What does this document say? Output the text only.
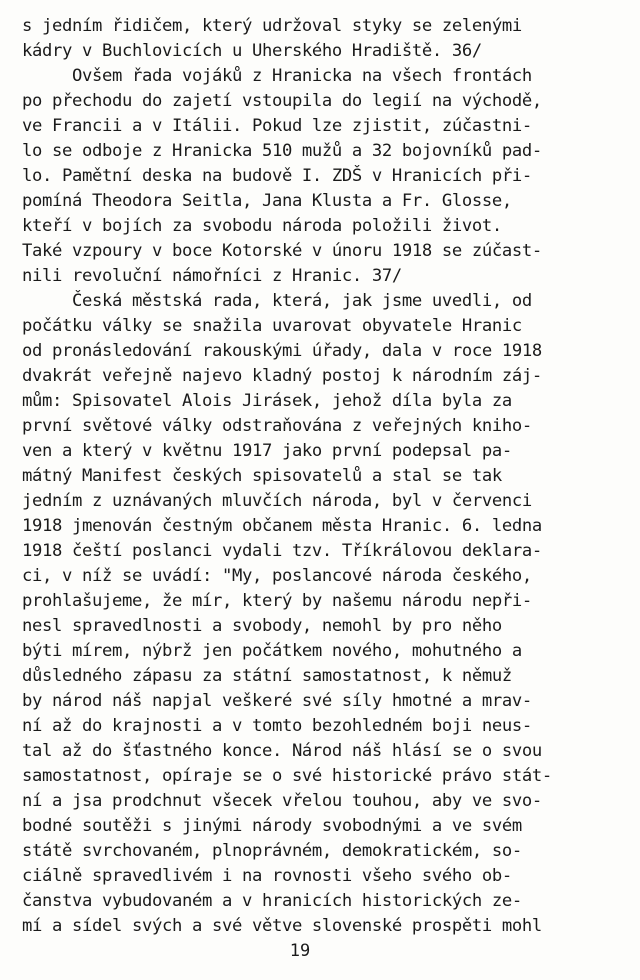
s jedním řidičem, který udržoval styky se zelenými
kádry v Buchlovicích u Uherského Hradiště. 36/
Ovšem řada vojáků z Hranicka na všech frontách
po přechodu do zajetí vstoupila do legií na východě,
ve Francii a v Itálii. Pokud lze zjistit, zúčastni-
lo se odboje z Hranicka 510 mužů a 32 bojovníků pad-
lo. Pamětní deska na budově I. ZDŠ v Hranicích při-
pomíná Theodora Seitla, Jana Klusta a Fr. Glosse,
kteří v bojích za svobodu národa položili život.
Také vzpoury v boce Kotorské v únoru 1918 se zúčast-
nili revoluční námořníci z Hranic. 37/
Česká městská rada, která, jak jsme uvedli, od
počátku války se snažila uvarovat obyvatele Hranic
od pronásledování rakouskými úřady, dala v roce 1918
dvakrát veřejně najevo kladný postoj k národním záj-
mům: Spisovatel Alois Jirásek, jehož díla byla za
první světové války odstraňována z veřejných kniho-
ven a který v květnu 1917 jako první podepsal pa-
mátný Manifest českých spisovatelů a stal se tak
jedním z uznávaných mluvčích národa, byl v červenci
1918 jmenován čestným občanem města Hranic. 6. ledna
1918 čeští poslanci vydali tzv. Tříkrálovou deklara-
ci, v níž se uvádí: "My, poslancové národa českého,
prohlašujeme, že mír, který by našemu národu nepři-
nesl spravedlnosti a svobody, nemohl by pro něho
býti mírem, nýbrž jen počátkem nového, mohutného a
důsledného zápasu za státní samostatnost, k němuž
by národ náš napjal veškeré své síly hmotné a mrav-
ní až do krajnosti a v tomto bezohledném boji neus-
tal až do šťastného konce. Národ náš hlásí se o svou
samostatnost, opíraje se o své historické právo stát-
ní a jsa prodchnut všecek vřelou touhou, aby ve svo-
bodné soutěži s jinými národy svobodnými a ve svém
státě svrchovaném, plnoprávném, demokratickém, so-
ciálně spravedlivém i na rovnosti všeho svého ob-
čanstva vybudovaném a v hranicích historických ze-
mí a sídel svých a své větve slovenské prospěti mohl
19
